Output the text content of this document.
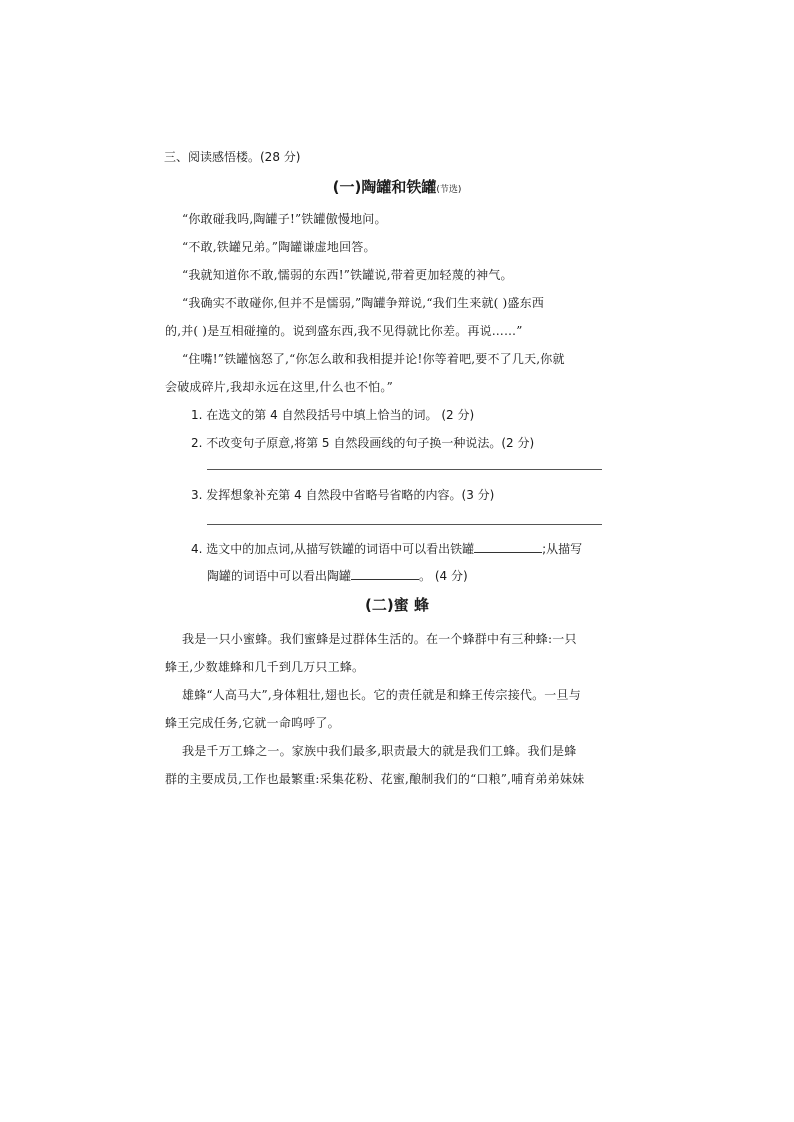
三、阅读感悟楼。(28 分)
(一)陶罐和铁罐(节选)
“你敢碰我吗,陶罐子!”铁罐傲慢地问。
“不敢,铁罐兄弟。”陶罐谦虚地回答。
“我就知道你不敢,懦弱的东西!”铁罐说,带着更加轻蔑的神气。
“我确实不敢碰你,但并不是懦弱,”陶罐争辩说,“我们生来就( )盛东西
的,并( )是互相碰撞的。说到盛东西,我不见得就比你差。再说……”
“住嘴!”铁罐恼怒了,“你怎么敢和我相提并论!你等着吧,要不了几天,你就
会破成碎片,我却永远在这里,什么也不怕。”
1. 在选文的第 4 自然段括号中填上恰当的词。 (2 分)
2. 不改变句子原意,将第 5 自然段画线的句子换一种说法。(2 分)
3. 发挥想象补充第 4 自然段中省略号省略的内容。(3 分)
4. 选文中的加点词,从描写铁罐的词语中可以看出铁罐	;从描写
陶罐的词语中可以看出陶罐	。 (4 分)
(二)蜜 蜂
我是一只小蜜蜂。我们蜜蜂是过群体生活的。在一个蜂群中有三种蜂:一只
蜂王,少数雄蜂和几千到几万只工蜂。
雄蜂“人高马大”,身体粗壮,翅也长。它的责任就是和蜂王传宗接代。一旦与
蜂王完成任务,它就一命呜呼了。
我是千万工蜂之一。家族中我们最多,职责最大的就是我们工蜂。我们是蜂
群的主要成员,工作也最繁重:采集花粉、花蜜,酿制我们的“口粮”,哺育弟弟妹妹
